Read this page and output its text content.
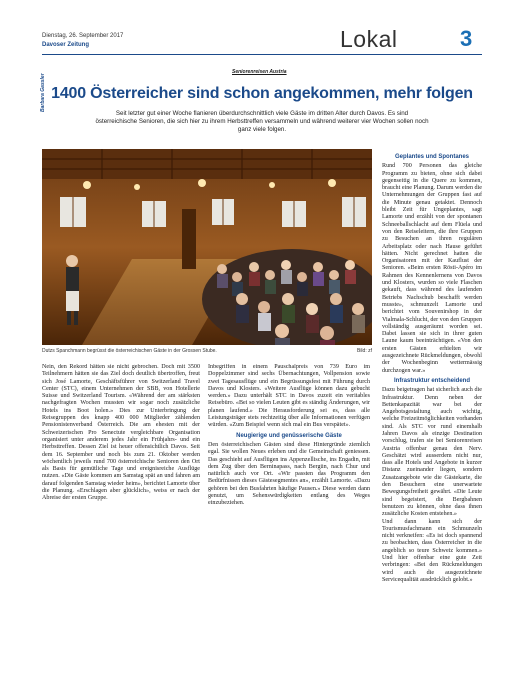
Dienstag, 26. September 2017
Davoser Zeitung	Lokal	3
Barbara Gassler
Seniorenreisen Austria
1400 Österreicher sind schon angekommen, mehr folgen
Seit letzter gut einer Woche flanieren überdurchschnittlich viele Gäste im dritten Alter durch Davos. Es sind österreichische Senioren, die sich hier zu ihrem Herbsttreffen versammeln und während weiterer vier Wochen sollen noch ganz viele folgen.
Dutzs Spanchmann begrüsst die österreichischen Gäste in der Grossen Stube.	Bild: zf

Nein, den Rekord hätten sie nicht gebrochen. Doch mit 3500 Teilnehmern hätten sie das Ziel doch deutlich übertroffen, freut sich José Lamorte, Geschäftsführer von Switzerland Travel Center (STC), einem Unternehmen der SBB, von Hotellerie Suisse und Switzerland Tourism. «Während der am stärksten nachgefragten Wochen mussten wir sogar noch zusätzliche Hotels ins Boot holen.» Dies zur Unterbringung der Reisegruppen des knapp 400 000 Mitglieder zählenden Pensionistenverband Österreich. Die am ehesten mit der Schweizerischen Pro Senectute vergleichbare Organisation organisiert unter anderem jedes Jahr ein Frühjahrs- und ein Herbsttreffen. Dessen Ziel ist heuer offensichtlich Davos. Seit dem 16. September und noch bis zum 21. Oktober werden wöchentlich jeweils rund 700 österreichische Senioren den Ort als Basis für gemütliche Tage und ereignisreiche Ausflüge nutzen. «Die Gäste kommen am Samstag spät an und fahren am darauf folgenden Samstag wieder heim», berichtet Lamorte über die Planung. «Erschlagen aber glücklich», weiss er nach der Abreise der ersten Gruppe.

Inbegriffen in einem Pauschalpreis von 739 Euro im Doppelzimmer sind sechs Übernachtungen, Vollpension sowie zwei Tagesausflüge und ein Begrüssungsfest mit Führung durch Davos und Klosters. «Weitere Ausflüge können dazu gebucht werden.» Dazu unterhält STC in Davos zuzeit ein veritables Reisebüro. «Bei so vielen Leuten gibt es ständig Änderungen, wir planen laufend.» Die Herausforderung sei es, dass alle Leistungsträger stets rechtzeitig über alle Informationen verfügen würden. «Zum Beispiel wenn sich mal ein Bus verspätet».

Neugierige und genüsserische Gäste

Den österreichischen Gästen sind diese Hintergründe ziemlich egal. Sie wollen Neues erleben und die Gemeinschaft geniessen. Das geschieht auf Ausflügen ins Appenzellische, ins Engadin, mit dem Zug über den Berninapass, nach Bergün, nach Chur und natürlich auch vor Ort. «Wir passten das Programm den Bedürfnissen dieses Gästesegmentes an», erzählt Lamorte. «Dazu gehören bei den Busfahrten häufige Pausen.» Diese werden dann genutzt, um Sehenswürdigkeiten entlang des Weges einzubeziehen.

Geplantes und Spontanes

Rund 700 Personen das gleiche Programm zu bieten, ohne sich dabei gegenseitig in die Quere zu kommen, braucht eine Planung. Darum werden die Unternehmungen der Gruppen fast auf die Minute genau getaktet. Dennoch bleibt Zeit für Ungeplantes, sagt Lamorte und erzählt von der spontanen Schneeballschlacht auf dem Flüela und von den Reiseleitern, die ihre Gruppen zu Besuchen an ihren regulären Arbeitsplatz oder nach Hause geführt hätten. Nicht gerechnet hatten die Organisatoren mit der Kauflust der Senioren. «Beim ersten Rösti-Apéro im Rahmen des Kennenlernens von Davos und Klosters, wurden so viele Flaschen gekauft, dass während des laufenden Betriebs Nachschub beschafft werden musste», schmunzelt Lamorte und berichtet vom Souvenirshop in der Vialmala-Schlucht, der von den Gruppen vollständig ausgeräumt worden sei. Dabei lassen sie sich in ihrer guten Laune kaum beeinträchtigen. «Von den ersten Gästen erhielten wir ausgezeichnete Rückmeldungen, obwohl der Wochenbeginn wettermässig durchzogen war.»

Infrastruktur entscheidend

Dazu beigetragen hat sicherlich auch die Infrastruktur. Denn neben der Bettenkapazität war bei der Angebotsgestaltung auch wichtig, welche Freizeitmöglichkeiten vorhanden sind. Als STC vor rund einemhalb Jahren Davos als einzige Destination vorschlug, trafen sie bei Seniorenreisen Austria offenbar genau den Nerv. Geschätzt wird ausserdem nicht nur, dass alle Hotels und Angebote in kurzer Distanz zueinander liegen, sondern Zusatzangebote wie die Gästekarte, die den Besuchern eine unerwartete Bewegungsfreiheit gewährt. «Die Leute sind begeistert, die Bergbahnen benutzen zu können, ohne dass ihnen zusätzliche Kosten entstehen.»

Und dann kann sich der Tourismusfachmann ein Schmunzeln nicht verkneifen: «Es ist doch spannend zu beobachten, dass Österreicher in die angeblich so teure Schweiz kommen.» Und hier offenbar eine gute Zeit verbringen: «Bei den Rückmeldungen wird auch die ausgezeichnete Servicequalität ausdrücklich gelobt.»
